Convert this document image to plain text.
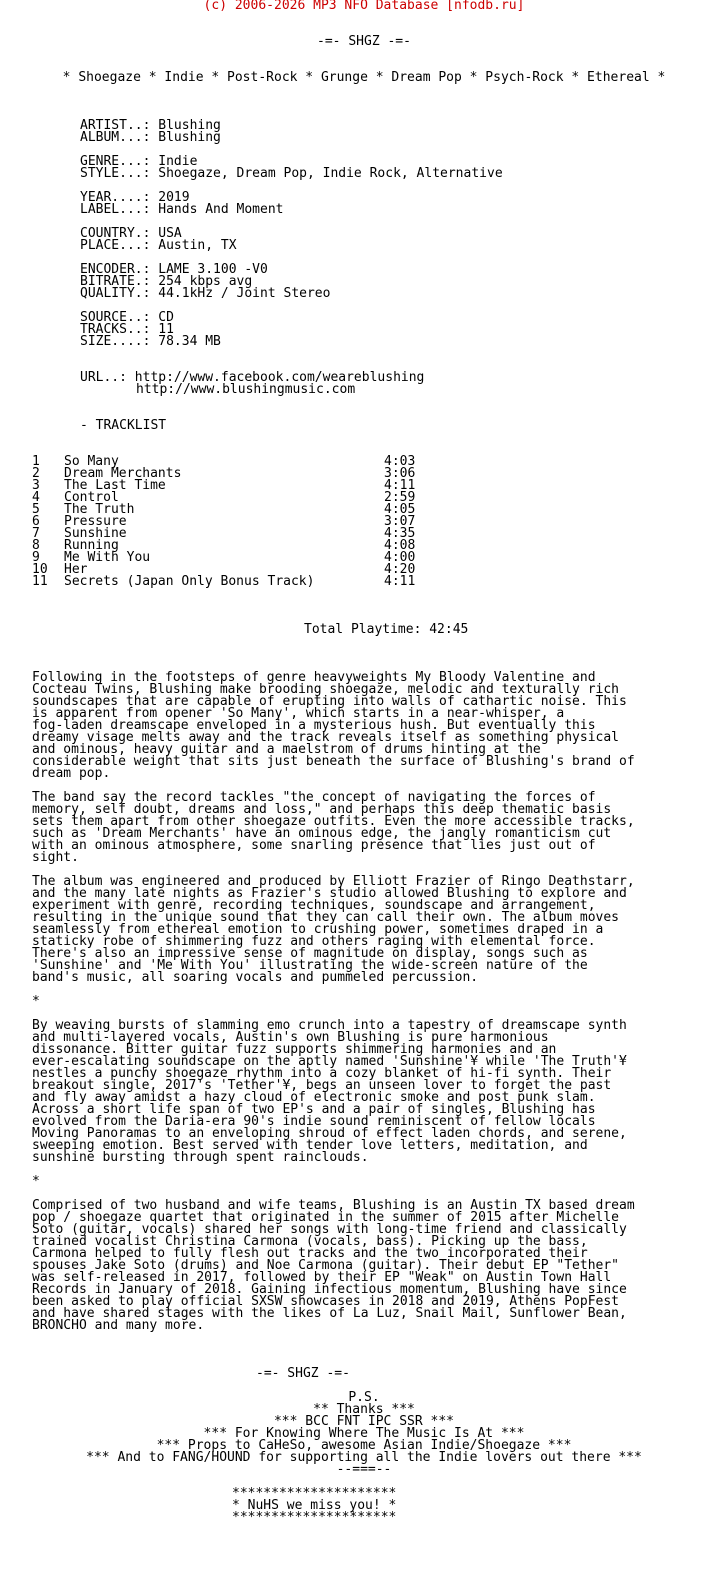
(c) 2006-2026 MP3 NFO Database [nfodb.ru]
-=- SHGZ -=-
* Shoegaze * Indie * Post-Rock * Grunge * Dream Pop * Psych-Rock * Ethereal *
ARTIST..: Blushing
ALBUM...: Blushing
GENRE...: Indie
STYLE...: Shoegaze, Dream Pop, Indie Rock, Alternative
YEAR....: 2019
LABEL...: Hands And Moment
COUNTRY.: USA
PLACE...: Austin, TX
ENCODER.: LAME 3.100 -V0
BITRATE.: 254 kbps avg
QUALITY.: 44.1kHz / Joint Stereo
SOURCE..: CD
TRACKS..: 11
SIZE....: 78.34 MB
URL..: http://www.facebook.com/weareblushing
http://www.blushingmusic.com
- TRACKLIST
1 So Many	4:03
2 Dream Merchants	3:06
3 The Last Time	4:11
4 Control	2:59
5 The Truth	4:05
6 Pressure	3:07
7 Sunshine	4:35
8 Running	4:08
9 Me With You	4:00
10 Her	4:20
11 Secrets (Japan Only Bonus Track)	4:11
Total Playtime: 42:45
Following in the footsteps of genre heavyweights My Bloody Valentine and
Cocteau Twins, Blushing make brooding shoegaze, melodic and texturally rich
soundscapes that are capable of erupting into walls of cathartic noise. This
is apparent from opener 'So Many', which starts in a near-whisper, a
fog-laden dreamscape enveloped in a mysterious hush. But eventually this
dreamy visage melts away and the track reveals itself as something physical
and ominous, heavy guitar and a maelstrom of drums hinting at the
considerable weight that sits just beneath the surface of Blushing's brand of
dream pop.
The band say the record tackles "the concept of navigating the forces of
memory, self doubt, dreams and loss," and perhaps this deep thematic basis
sets them apart from other shoegaze outfits. Even the more accessible tracks,
such as 'Dream Merchants' have an ominous edge, the jangly romanticism cut
with an ominous atmosphere, some snarling presence that lies just out of
sight.
The album was engineered and produced by Elliott Frazier of Ringo Deathstarr,
and the many late nights as Frazier's studio allowed Blushing to explore and
experiment with genre, recording techniques, soundscape and arrangement,
resulting in the unique sound that they can call their own. The album moves
seamlessly from ethereal emotion to crushing power, sometimes draped in a
staticky robe of shimmering fuzz and others raging with elemental force.
There's also an impressive sense of magnitude on display, songs such as
'Sunshine' and 'Me With You' illustrating the wide-screen nature of the
band's music, all soaring vocals and pummeled percussion.
*
By weaving bursts of slamming emo crunch into a tapestry of dreamscape synth
and multi-layered vocals, Austin's own Blushing is pure harmonious
dissonance. Bitter guitar fuzz supports shimmering harmonies and an
ever-escalating soundscape on the aptly named 'Sunshine'¥ while 'The Truth'¥
nestles a punchy shoegaze rhythm into a cozy blanket of hi-fi synth. Their
breakout single, 2017's 'Tether'¥, begs an unseen lover to forget the past
and fly away amidst a hazy cloud of electronic smoke and post punk slam.
Across a short life span of two EP's and a pair of singles, Blushing has
evolved from the Daria-era 90's indie sound reminiscent of fellow locals
Moving Panoramas to an enveloping shroud of effect laden chords, and serene,
sweeping emotion. Best served with tender love letters, meditation, and
sunshine bursting through spent rainclouds.
*
Comprised of two husband and wife teams, Blushing is an Austin TX based dream
pop / shoegaze quartet that originated in the summer of 2015 after Michelle
Soto (guitar, vocals) shared her songs with long-time friend and classically
trained vocalist Christina Carmona (vocals, bass). Picking up the bass,
Carmona helped to fully flesh out tracks and the two incorporated their
spouses Jake Soto (drums) and Noe Carmona (guitar). Their debut EP "Tether"
was self-released in 2017, followed by their EP "Weak" on Austin Town Hall
Records in January of 2018. Gaining infectious momentum, Blushing have since
been asked to play official SXSW showcases in 2018 and 2019, Athens PopFest
and have shared stages with the likes of La Luz, Snail Mail, Sunflower Bean,
BRONCHO and many more.
-=- SHGZ -=-
P.S.
** Thanks ***
*** BCC FNT IPC SSR ***
*** For Knowing Where The Music Is At ***
*** Props to CaHeSo, awesome Asian Indie/Shoegaze ***
*** And to FANG/HOUND for supporting all the Indie lovers out there ***
--===--
*********************
* NuHS we miss you! *
*********************
